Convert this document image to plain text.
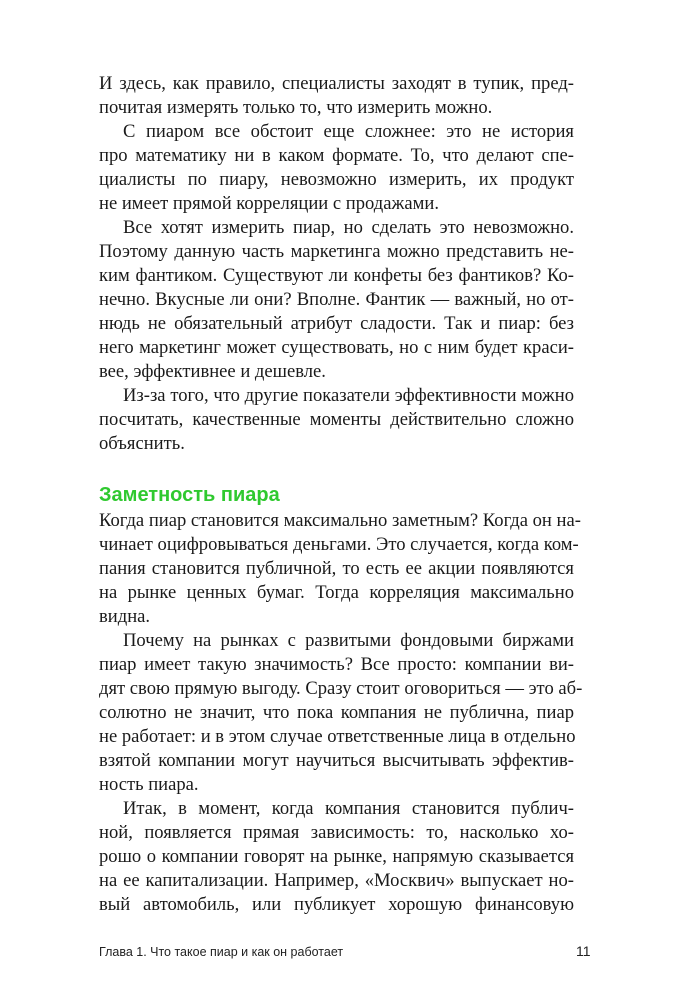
И здесь, как правило, специалисты заходят в тупик, пред-
почитая измерять только то, что измерить можно.
С пиаром все обстоит еще сложнее: это не история
про математику ни в каком формате. То, что делают спе-
циалисты по пиару, невозможно измерить, их продукт
не имеет прямой корреляции с продажами.
Все хотят измерить пиар, но сделать это невозможно.
Поэтому данную часть маркетинга можно представить не-
ким фантиком. Существуют ли конфеты без фантиков? Ко-
нечно. Вкусные ли они? Вполне. Фантик — важный, но от-
нюдь не обязательный атрибут сладости. Так и пиар: без
него маркетинг может существовать, но с ним будет краси-
вее, эффективнее и дешевле.
Из-за того, что другие показатели эффективности можно
посчитать, качественные моменты действительно сложно
объяснить.
Заметность пиара
Когда пиар становится максимально заметным? Когда он на-
чинает оцифровываться деньгами. Это случается, когда ком-
пания становится публичной, то есть ее акции появляются
на рынке ценных бумаг. Тогда корреляция максимально
видна.
Почему на рынках с развитыми фондовыми биржами
пиар имеет такую значимость? Все просто: компании ви-
дят свою прямую выгоду. Сразу стоит оговориться — это аб-
солютно не значит, что пока компания не публична, пиар
не работает: и в этом случае ответственные лица в отдельно
взятой компании могут научиться высчитывать эффектив-
ность пиара.
Итак, в момент, когда компания становится публич-
ной, появляется прямая зависимость: то, насколько хо-
рошо о компании говорят на рынке, напрямую сказывается
на ее капитализации. Например, «Москвич» выпускает но-
вый автомобиль, или публикует хорошую финансовую
Глава 1. Что такое пиар и как он работает	11
